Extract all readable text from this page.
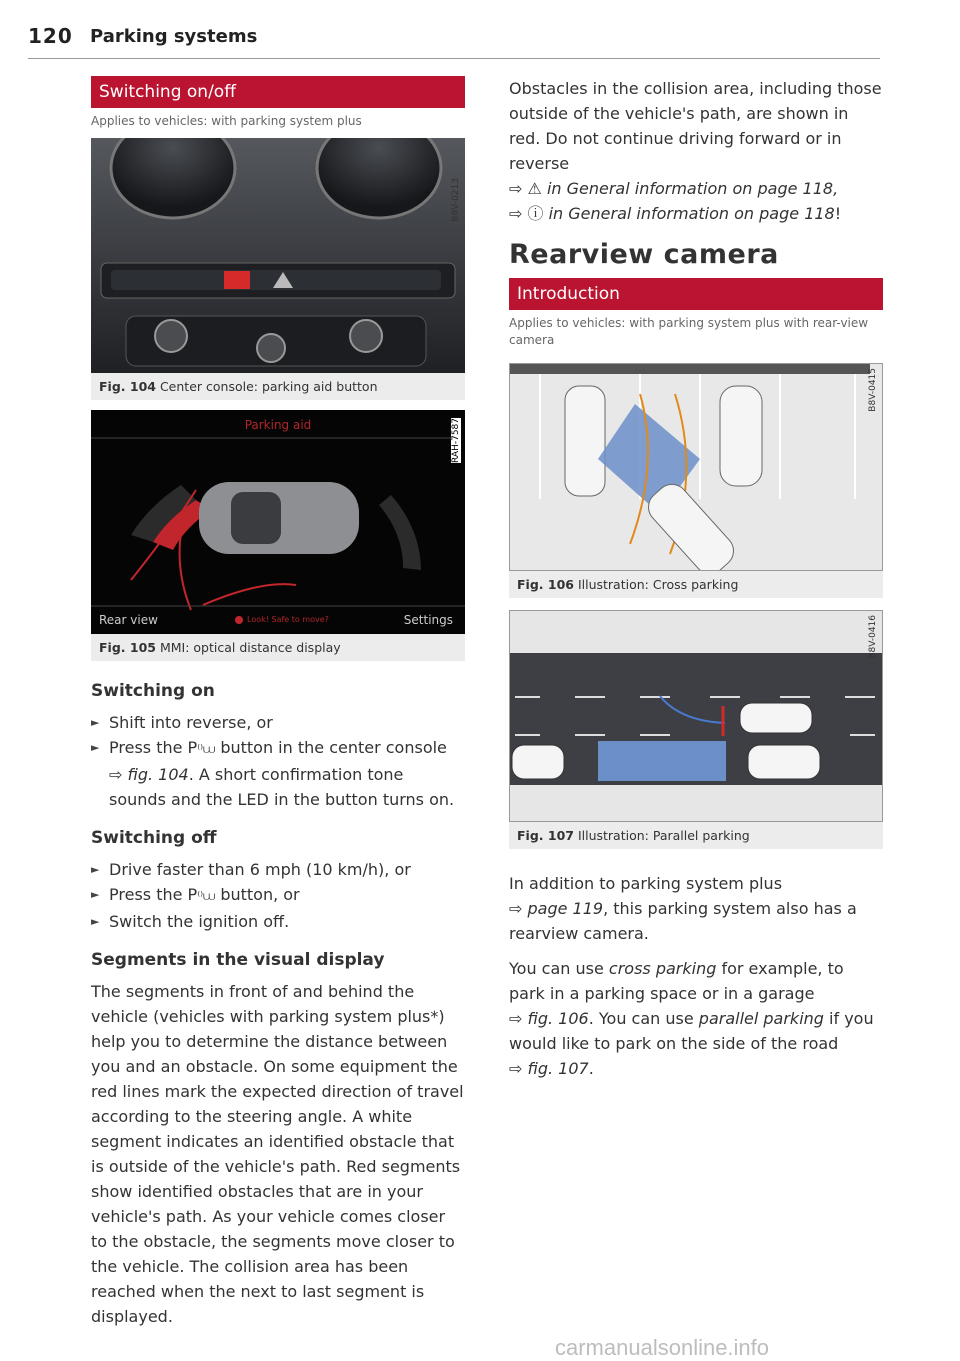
120 Parking systems
Switching on/off
Applies to vehicles: with parking system plus
B8V-0213
Fig. 104 Center console: parking aid button
Parking aid
Rear view	Look! Safe to move?	Settings
RAH-7587
Fig. 105 MMI: optical distance display
Switching on
► Shift into reverse, or
► Press the P⁽⁾⩊ button in the center console
⇨ fig. 104. A short confirmation tone sounds and the LED in the button turns on.
Switching off
► Drive faster than 6 mph (10 km/h), or
► Press the P⁽⁾⩊ button, or
► Switch the ignition off.
Segments in the visual display

The segments in front of and behind the vehicle (vehicles with parking system plus*) help you to determine the distance between you and an obstacle. On some equipment the red lines mark the expected direction of travel according to the steering angle. A white segment indicates an identified obstacle that is outside of the vehicle's path. Red segments show identified obstacles that are in your vehicle's path. As your vehicle comes closer to the obstacle, the segments move closer to the vehicle. The collision area has been reached when the next to last segment is displayed.

Obstacles in the collision area, including those outside of the vehicle's path, are shown in red. Do not continue driving forward or in reverse
⇨ ⚠ in General information on page 118,
⇨ ⓘ in General information on page 118!

Rearview camera
Introduction
Applies to vehicles: with parking system plus with rear-view camera
B8V-0415
Fig. 106 Illustration: Cross parking
B8V-0416
Fig. 107 Illustration: Parallel parking

In addition to parking system plus
⇨ page 119, this parking system also has a rearview camera.

You can use cross parking for example, to park in a parking space or in a garage
⇨ fig. 106. You can use parallel parking if you would like to park on the side of the road
⇨ fig. 107.

carmanualsonline.info
